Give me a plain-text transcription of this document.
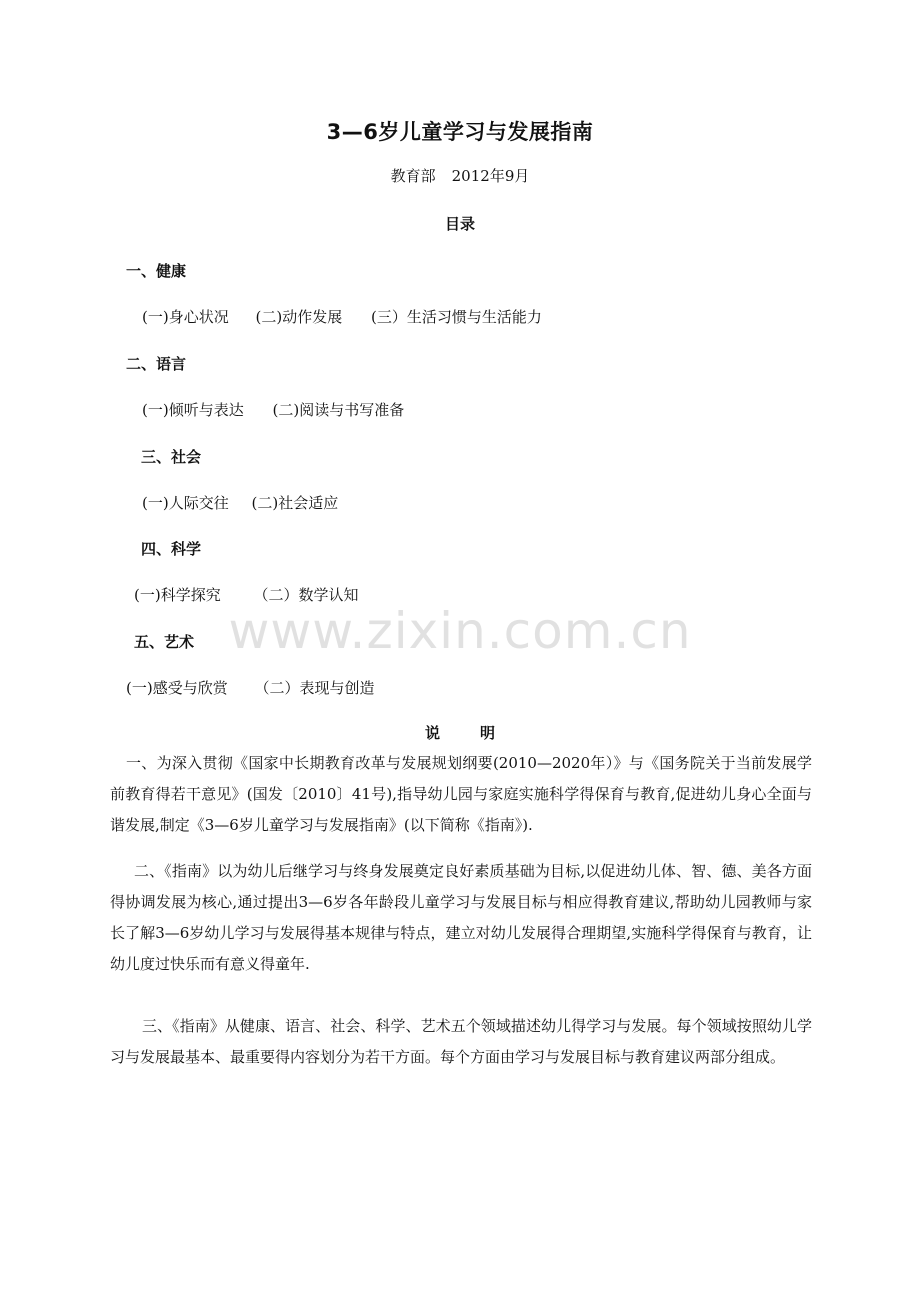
3—6岁儿童学习与发展指南
教育部 2012年9月
目录
一、健康
(一)身心状况 (二)动作发展 (三）生活习惯与生活能力
二、语言
(一)倾听与表达 (二)阅读与书写准备
三、社会
(一)人际交往 (二)社会适应
四、科学
(一)科学探究 （二）数学认知
五、艺术
(一)感受与欣赏 （二）表现与创造
说明

一、为深入贯彻《国家中长期教育改革与发展规划纲要(2010—2020年）》与《国务院关于当前发展学前教育得若干意见》(国发〔2010〕41号),指导幼儿园与家庭实施科学得保育与教育,促进幼儿身心全面与谐发展,制定《3—6岁儿童学习与发展指南》(以下简称《指南》).

二、《指南》以为幼儿后继学习与终身发展奠定良好素质基础为目标,以促进幼儿体、智、德、美各方面得协调发展为核心,通过提出3—6岁各年龄段儿童学习与发展目标与相应得教育建议,帮助幼儿园教师与家长了解3—6岁幼儿学习与发展得基本规律与特点，建立对幼儿发展得合理期望,实施科学得保育与教育，让幼儿度过快乐而有意义得童年.

三、《指南》从健康、语言、社会、科学、艺术五个领域描述幼儿得学习与发展。每个领域按照幼儿学习与发展最基本、最重要得内容划分为若干方面。每个方面由学习与发展目标与教育建议两部分组成。

www.zixin.com.cn
